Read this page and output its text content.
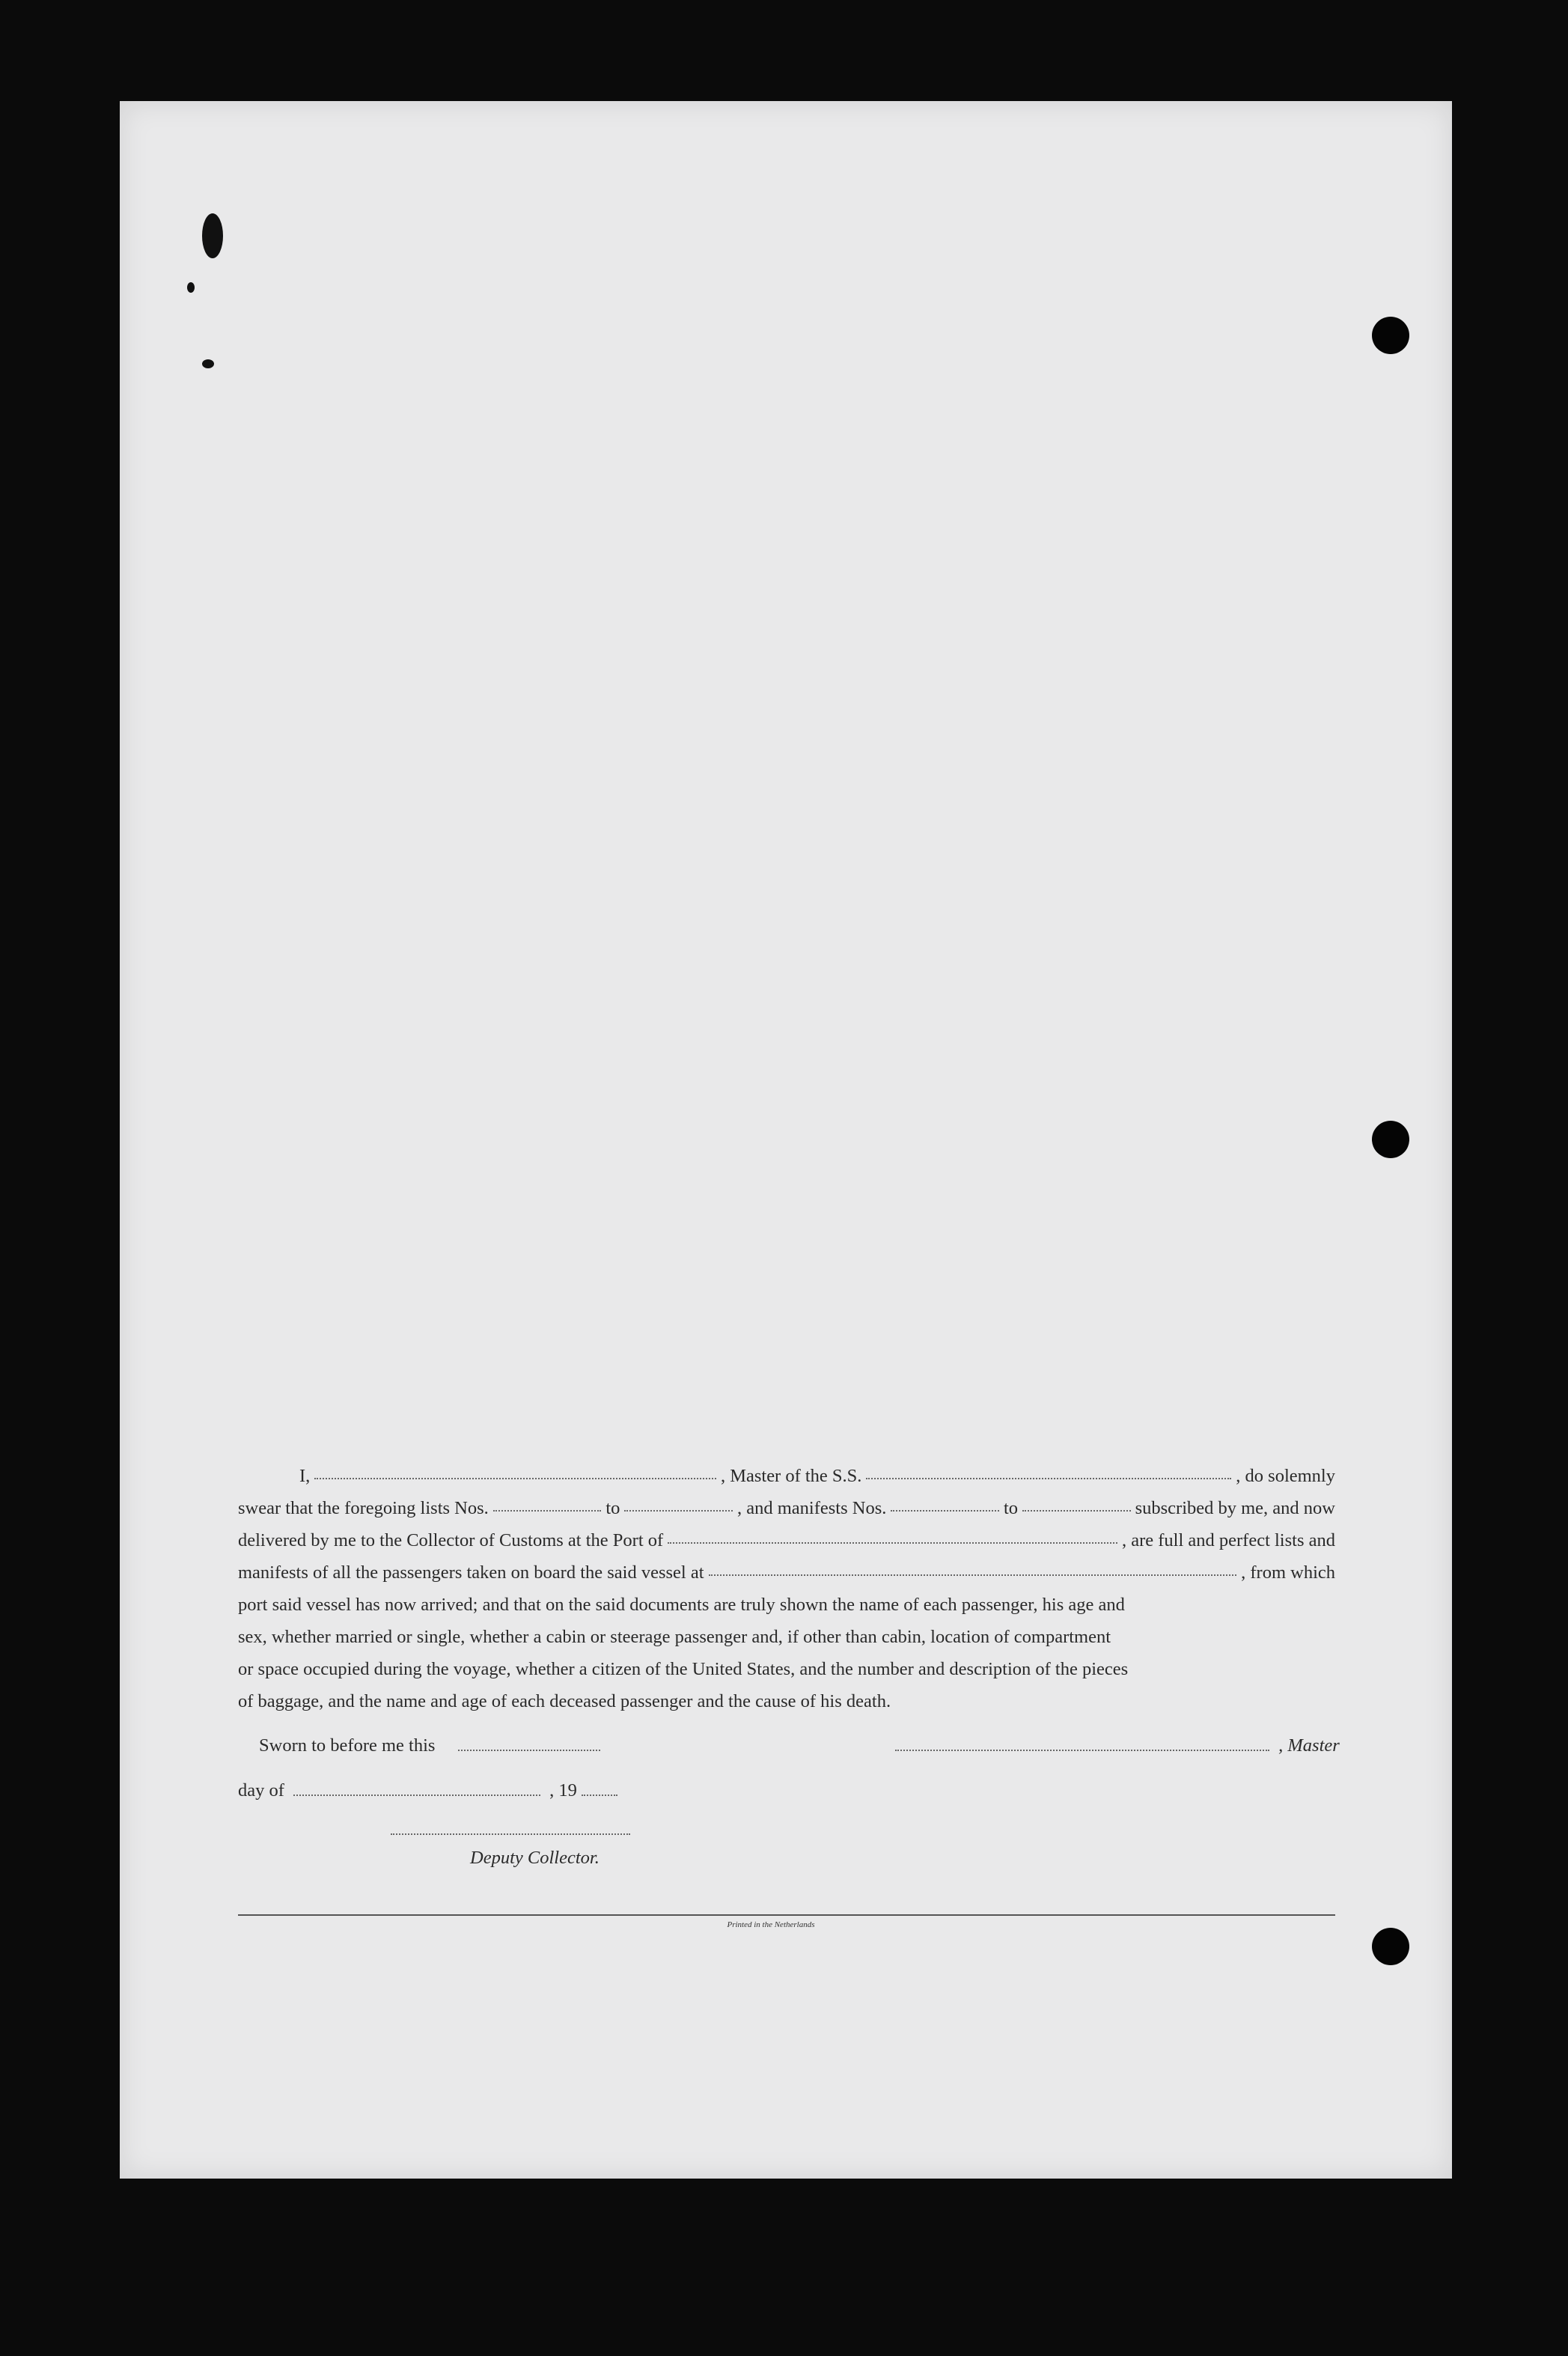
I,	, Master of the S.S.	, do solemnly
swear that the foregoing lists Nos.	to	, and manifests Nos.	to	subscribed by me, and now
delivered by me to the Collector of Customs at the Port of	, are full and perfect lists and
manifests of all the passengers taken on board the said vessel at	, from which
port said vessel has now arrived; and that on the said documents are truly shown the name of each passenger, his age and
sex, whether married or single, whether a cabin or steerage passenger and, if other than cabin, location of compartment
or space occupied during the voyage, whether a citizen of the United States, and the number and description of the pieces
of baggage, and the name and age of each deceased passenger and the cause of his death.
Sworn to before me this	, Master
day of	, 19
Deputy Collector.
Printed in the Netherlands
